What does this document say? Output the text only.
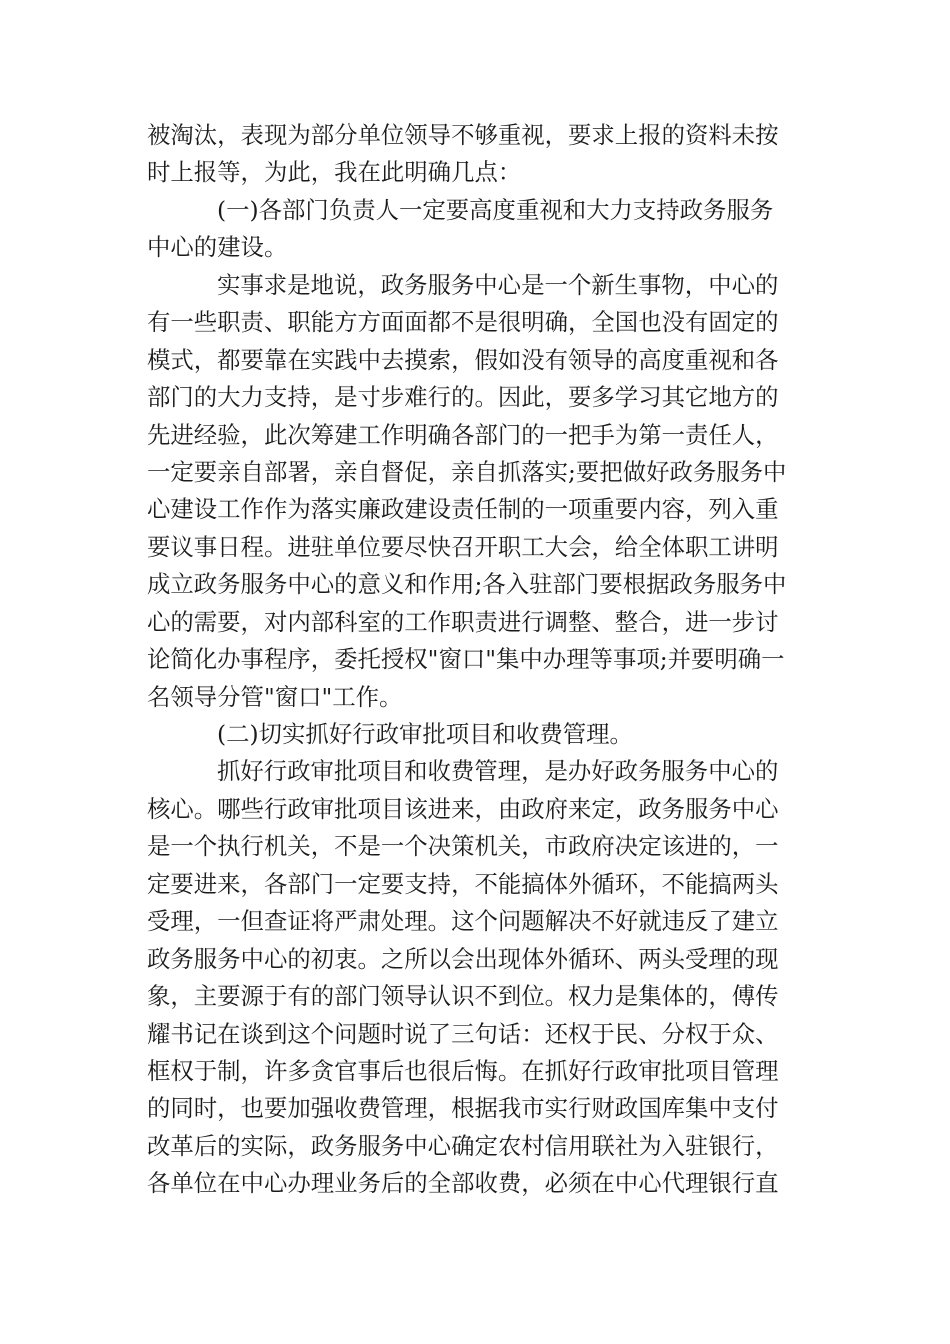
被淘汰，表现为部分单位领导不够重视，要求上报的资料未按
时上报等，为此，我在此明确几点：
(一)各部门负责人一定要高度重视和大力支持政务服务
中心的建设。
实事求是地说，政务服务中心是一个新生事物，中心的
有一些职责、职能方方面面都不是很明确，全国也没有固定的
模式，都要靠在实践中去摸索，假如没有领导的高度重视和各
部门的大力支持，是寸步难行的。因此，要多学习其它地方的
先进经验，此次筹建工作明确各部门的一把手为第一责任人，
一定要亲自部署，亲自督促，亲自抓落实;要把做好政务服务中
心建设工作作为落实廉政建设责任制的一项重要内容，列入重
要议事日程。进驻单位要尽快召开职工大会，给全体职工讲明
成立政务服务中心的意义和作用;各入驻部门要根据政务服务中
心的需要，对内部科室的工作职责进行调整、整合，进一步讨
论简化办事程序，委托授权"窗口"集中办理等事项;并要明确一
名领导分管"窗口"工作。
(二)切实抓好行政审批项目和收费管理。
抓好行政审批项目和收费管理，是办好政务服务中心的
核心。哪些行政审批项目该进来，由政府来定，政务服务中心
是一个执行机关，不是一个决策机关，市政府决定该进的，一
定要进来，各部门一定要支持，不能搞体外循环，不能搞两头
受理，一但查证将严肃处理。这个问题解决不好就违反了建立
政务服务中心的初衷。之所以会出现体外循环、两头受理的现
象，主要源于有的部门领导认识不到位。权力是集体的，傅传
耀书记在谈到这个问题时说了三句话：还权于民、分权于众、
框权于制，许多贪官事后也很后悔。在抓好行政审批项目管理
的同时，也要加强收费管理，根据我市实行财政国库集中支付
改革后的实际，政务服务中心确定农村信用联社为入驻银行，
各单位在中心办理业务后的全部收费，必须在中心代理银行直
